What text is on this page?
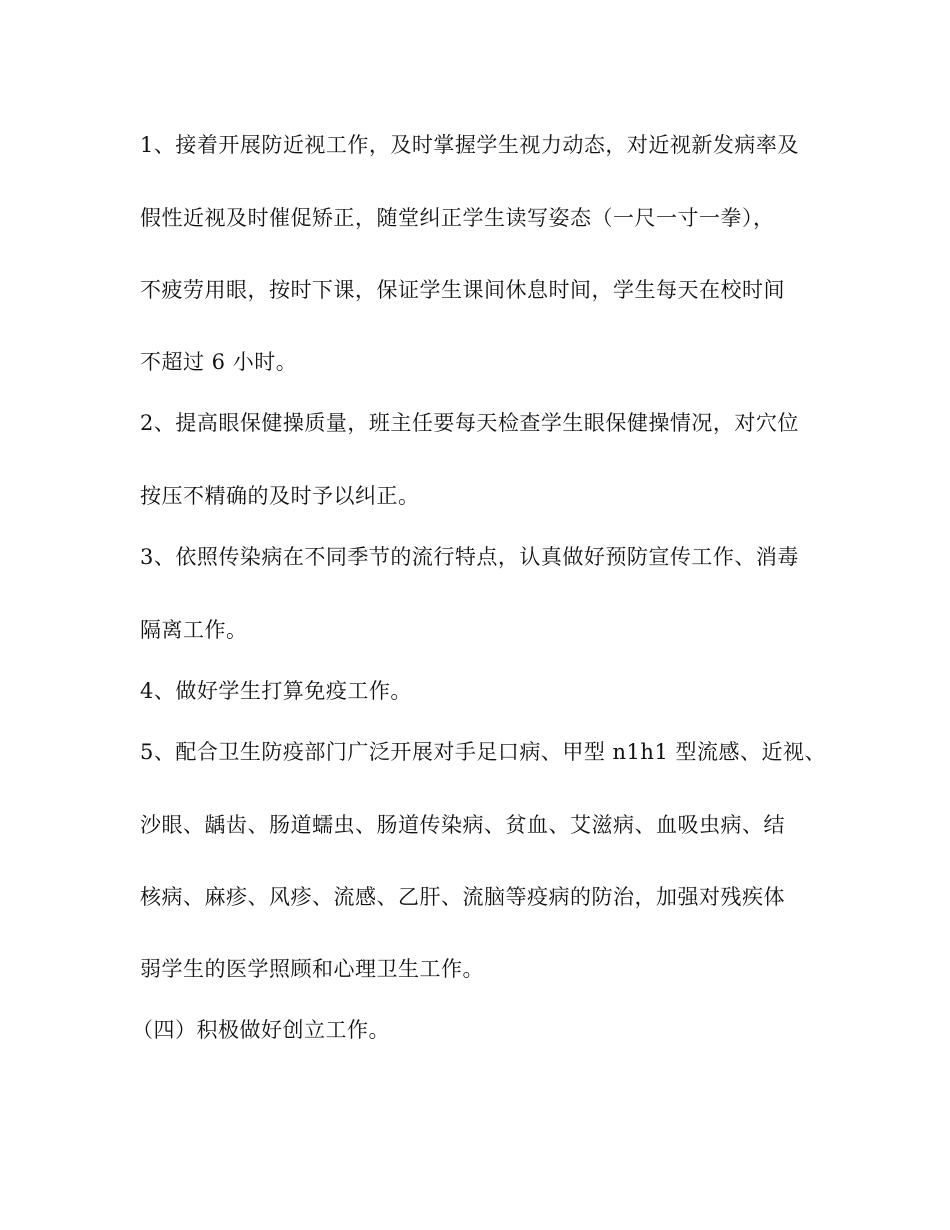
1、接着开展防近视工作，及时掌握学生视力动态，对近视新发病率及
假性近视及时催促矫正，随堂纠正学生读写姿态（一尺一寸一拳），
不疲劳用眼，按时下课，保证学生课间休息时间，学生每天在校时间
不超过 6 小时。
2、提高眼保健操质量，班主任要每天检查学生眼保健操情况，对穴位
按压不精确的及时予以纠正。
3、依照传染病在不同季节的流行特点，认真做好预防宣传工作、消毒
隔离工作。
4、做好学生打算免疫工作。
5、配合卫生防疫部门广泛开展对手足口病、甲型 n1h1 型流感、近视、
沙眼、龋齿、肠道蠕虫、肠道传染病、贫血、艾滋病、血吸虫病、结
核病、麻疹、风疹、流感、乙肝、流脑等疫病的防治，加强对残疾体
弱学生的医学照顾和心理卫生工作。
（四）积极做好创立工作。
